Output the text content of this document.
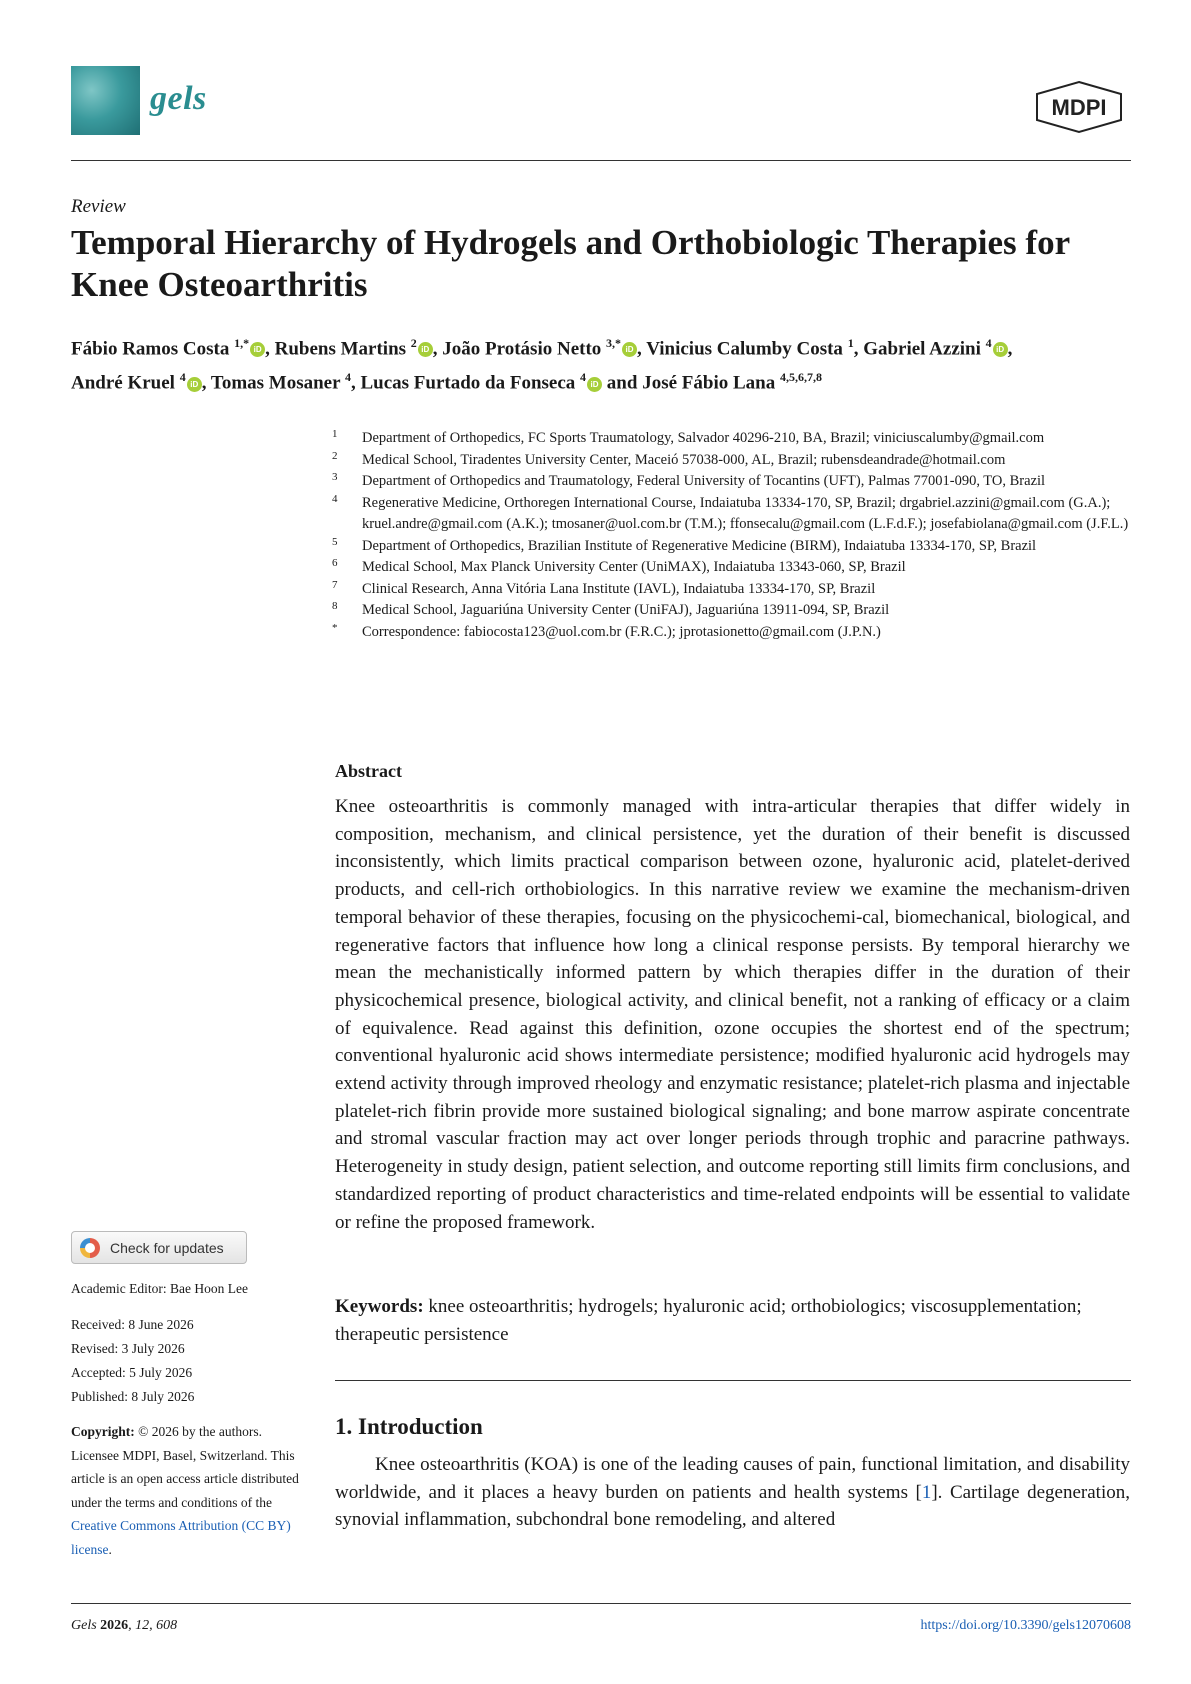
gels	MDPI
Review
Temporal Hierarchy of Hydrogels and Orthobiologic Therapies for Knee Osteoarthritis
Fábio Ramos Costa $^{1,*}$ iD , Rubens Martins $^2$ iD , João Protásio Netto $^{3,*}$ iD , Vinicius Calumby Costa $^1$, Gabriel Azzini $^4$ iD ,
André Kruel $^4$ iD , Tomas Mosaner $^4$, Lucas Furtado da Fonseca $^4$ iD and José Fábio Lana $^{4,5,6,7,8}$
1 Department of Orthopedics, FC Sports Traumatology, Salvador 40296-210, BA, Brazil; viniciuscalumby@gmail.com
2 Medical School, Tiradentes University Center, Maceió 57038-000, AL, Brazil; rubensdeandrade@hotmail.com
3 Department of Orthopedics and Traumatology, Federal University of Tocantins (UFT), Palmas 77001-090, TO, Brazil
4 Regenerative Medicine, Orthoregen International Course, Indaiatuba 13334-170, SP, Brazil; drgabriel.azzini@gmail.com (G.A.); kruel.andre@gmail.com (A.K.); tmosaner@uol.com.br (T.M.); ffonsecalu@gmail.com (L.F.d.F.); josefabiolana@gmail.com (J.F.L.)
5 Department of Orthopedics, Brazilian Institute of Regenerative Medicine (BIRM), Indaiatuba 13334-170, SP, Brazil
6 Medical School, Max Planck University Center (UniMAX), Indaiatuba 13343-060, SP, Brazil
7 Clinical Research, Anna Vitória Lana Institute (IAVL), Indaiatuba 13334-170, SP, Brazil
8 Medical School, Jaguariúna University Center (UniFAJ), Jaguariúna 13911-094, SP, Brazil
* Correspondence: fabiocosta123@uol.com.br (F.R.C.); jprotasionetto@gmail.com (J.P.N.)
Abstract
Knee osteoarthritis is commonly managed with intra-articular therapies that differ widely in composition, mechanism, and clinical persistence, yet the duration of their benefit is discussed inconsistently, which limits practical comparison between ozone, hyaluronic acid, platelet-derived products, and cell-rich orthobiologics. In this narrative review we examine the mechanism-driven temporal behavior of these therapies, focusing on the physicochemi-cal, biomechanical, biological, and regenerative factors that influence how long a clinical response persists. By temporal hierarchy we mean the mechanistically informed pattern by which therapies differ in the duration of their physicochemical presence, biological activity, and clinical benefit, not a ranking of efficacy or a claim of equivalence. Read against this definition, ozone occupies the shortest end of the spectrum; conventional hyaluronic acid shows intermediate persistence; modified hyaluronic acid hydrogels may extend activity through improved rheology and enzymatic resistance; platelet-rich plasma and injectable platelet-rich fibrin provide more sustained biological signaling; and bone marrow aspirate concentrate and stromal vascular fraction may act over longer periods through trophic and paracrine pathways. Heterogeneity in study design, patient selection, and outcome reporting still limits firm conclusions, and standardized reporting of product characteristics and time-related endpoints will be essential to validate or refine the proposed framework.
Keywords: knee osteoarthritis; hydrogels; hyaluronic acid; orthobiologics; viscosupplementation; therapeutic persistence
1. Introduction
Knee osteoarthritis (KOA) is one of the leading causes of pain, functional limitation, and disability worldwide, and it places a heavy burden on patients and health systems [1]. Cartilage degeneration, synovial inflammation, subchondral bone remodeling, and altered
Check for updates
Academic Editor: Bae Hoon Lee
Received: 8 June 2026
Revised: 3 July 2026
Accepted: 5 July 2026
Published: 8 July 2026
Copyright: © 2026 by the authors. Licensee MDPI, Basel, Switzerland. This article is an open access article distributed under the terms and conditions of the Creative Commons Attribution (CC BY) license.
Gels 2026, 12, 608	https://doi.org/10.3390/gels12070608
